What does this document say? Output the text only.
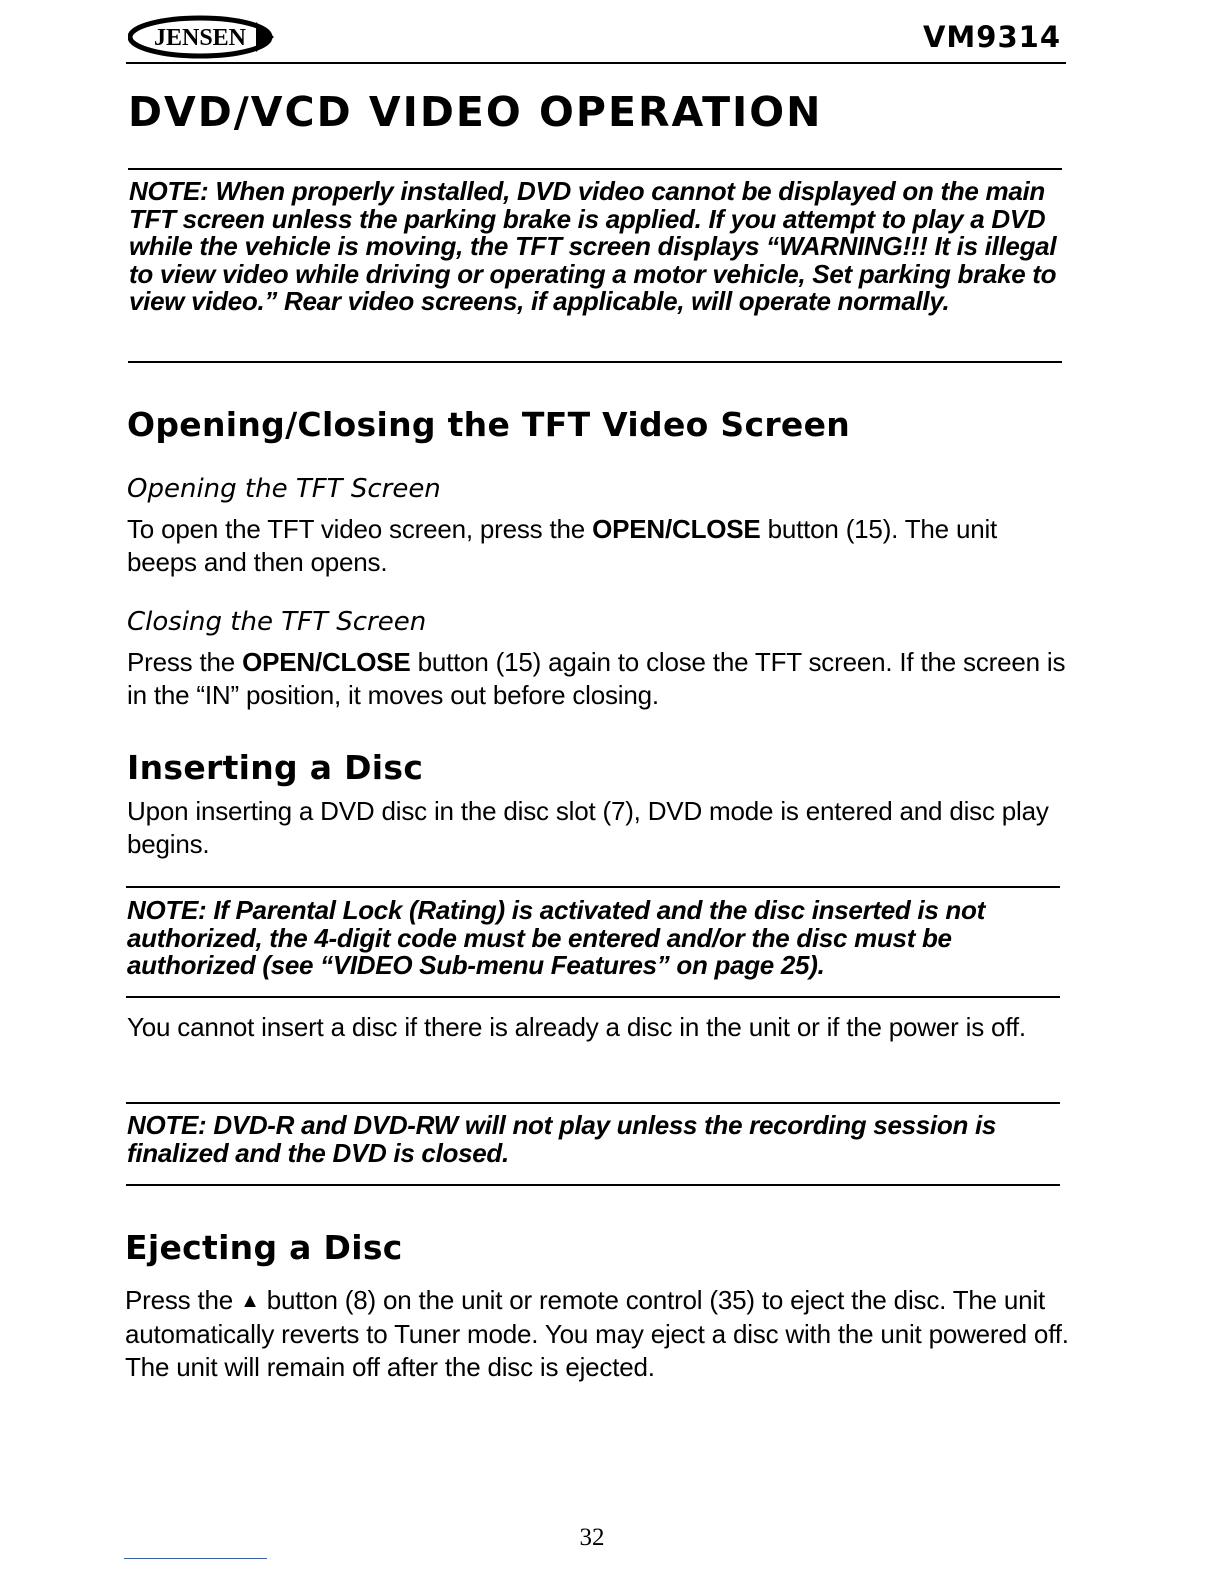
JENSEN	VM9314
DVD/VCD VIDEO OPERATION
NOTE: When properly installed, DVD video cannot be displayed on the main TFT screen unless the parking brake is applied. If you attempt to play a DVD while the vehicle is moving, the TFT screen displays “WARNING!!! It is illegal to view video while driving or operating a motor vehicle, Set parking brake to view video.” Rear video screens, if applicable, will operate normally.
Opening/Closing the TFT Video Screen
Opening the TFT Screen
To open the TFT video screen, press the OPEN/CLOSE button (15). The unit beeps and then opens.
Closing the TFT Screen
Press the OPEN/CLOSE button (15) again to close the TFT screen. If the screen is in the “IN” position, it moves out before closing.
Inserting a Disc
Upon inserting a DVD disc in the disc slot (7), DVD mode is entered and disc play begins.
NOTE: If Parental Lock (Rating) is activated and the disc inserted is not authorized, the 4-digit code must be entered and/or the disc must be authorized (see “VIDEO Sub-menu Features” on page 25).
You cannot insert a disc if there is already a disc in the unit or if the power is off.
NOTE: DVD-R and DVD-RW will not play unless the recording session is finalized and the DVD is closed.
Ejecting a Disc
Press the ▲ button (8) on the unit or remote control (35) to eject the disc. The unit automatically reverts to Tuner mode. You may eject a disc with the unit powered off. The unit will remain off after the disc is ejected.
32
